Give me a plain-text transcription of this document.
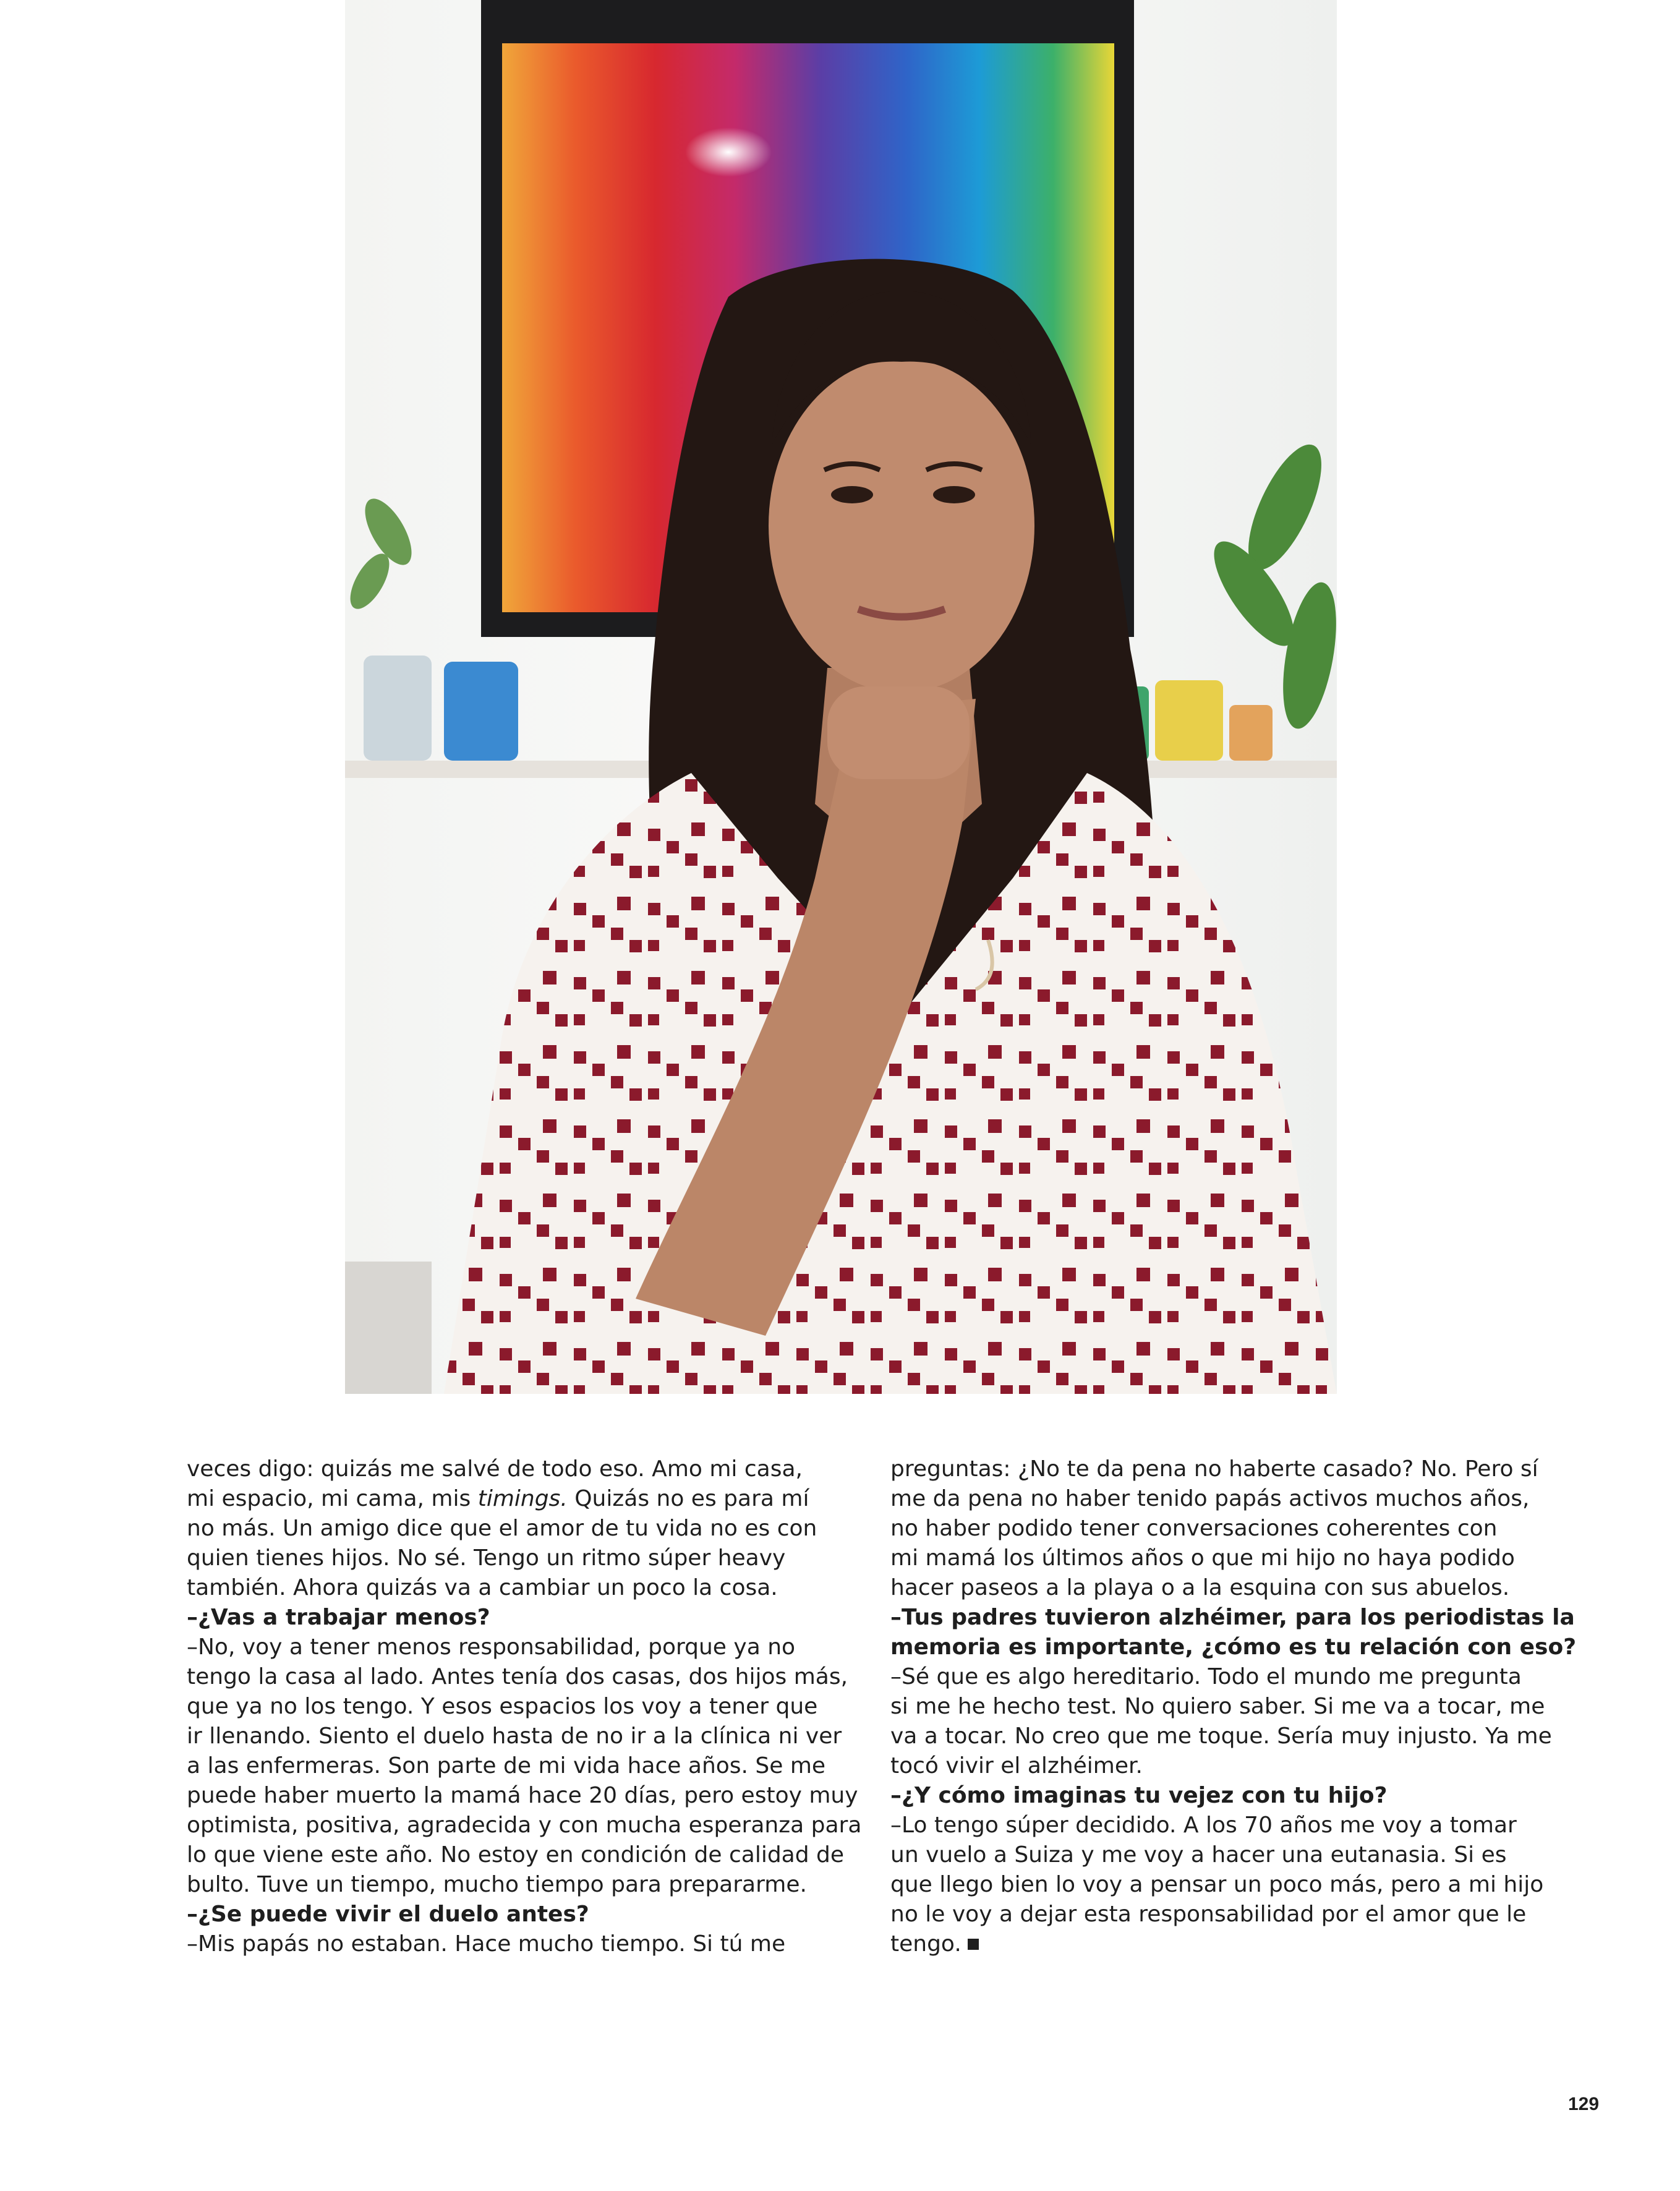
veces digo: quizás me salvé de todo eso. Amo mi casa,
mi espacio, mi cama, mis timings. Quizás no es para mí
no más. Un amigo dice que el amor de tu vida no es con
quien tienes hijos. No sé. Tengo un ritmo súper heavy
también. Ahora quizás va a cambiar un poco la cosa.
–¿Vas a trabajar menos?
–No, voy a tener menos responsabilidad, porque ya no
tengo la casa al lado. Antes tenía dos casas, dos hijos más,
que ya no los tengo. Y esos espacios los voy a tener que
ir llenando. Siento el duelo hasta de no ir a la clínica ni ver
a las enfermeras. Son parte de mi vida hace años. Se me
puede haber muerto la mamá hace 20 días, pero estoy muy
optimista, positiva, agradecida y con mucha esperanza para
lo que viene este año. No estoy en condición de calidad de
bulto. Tuve un tiempo, mucho tiempo para prepararme.
–¿Se puede vivir el duelo antes?
–Mis papás no estaban. Hace mucho tiempo. Si tú me
preguntas: ¿No te da pena no haberte casado? No. Pero sí
me da pena no haber tenido papás activos muchos años,
no haber podido tener conversaciones coherentes con
mi mamá los últimos años o que mi hijo no haya podido
hacer paseos a la playa o a la esquina con sus abuelos.
–Tus padres tuvieron alzhéimer, para los periodistas la
memoria es importante, ¿cómo es tu relación con eso?
–Sé que es algo hereditario. Todo el mundo me pregunta
si me he hecho test. No quiero saber. Si me va a tocar, me
va a tocar. No creo que me toque. Sería muy injusto. Ya me
tocó vivir el alzhéimer.
–¿Y cómo imaginas tu vejez con tu hijo?
–Lo tengo súper decidido. A los 70 años me voy a tomar
un vuelo a Suiza y me voy a hacer una eutanasia. Si es
que llego bien lo voy a pensar un poco más, pero a mi hijo
no le voy a dejar esta responsabilidad por el amor que le
tengo.
129
